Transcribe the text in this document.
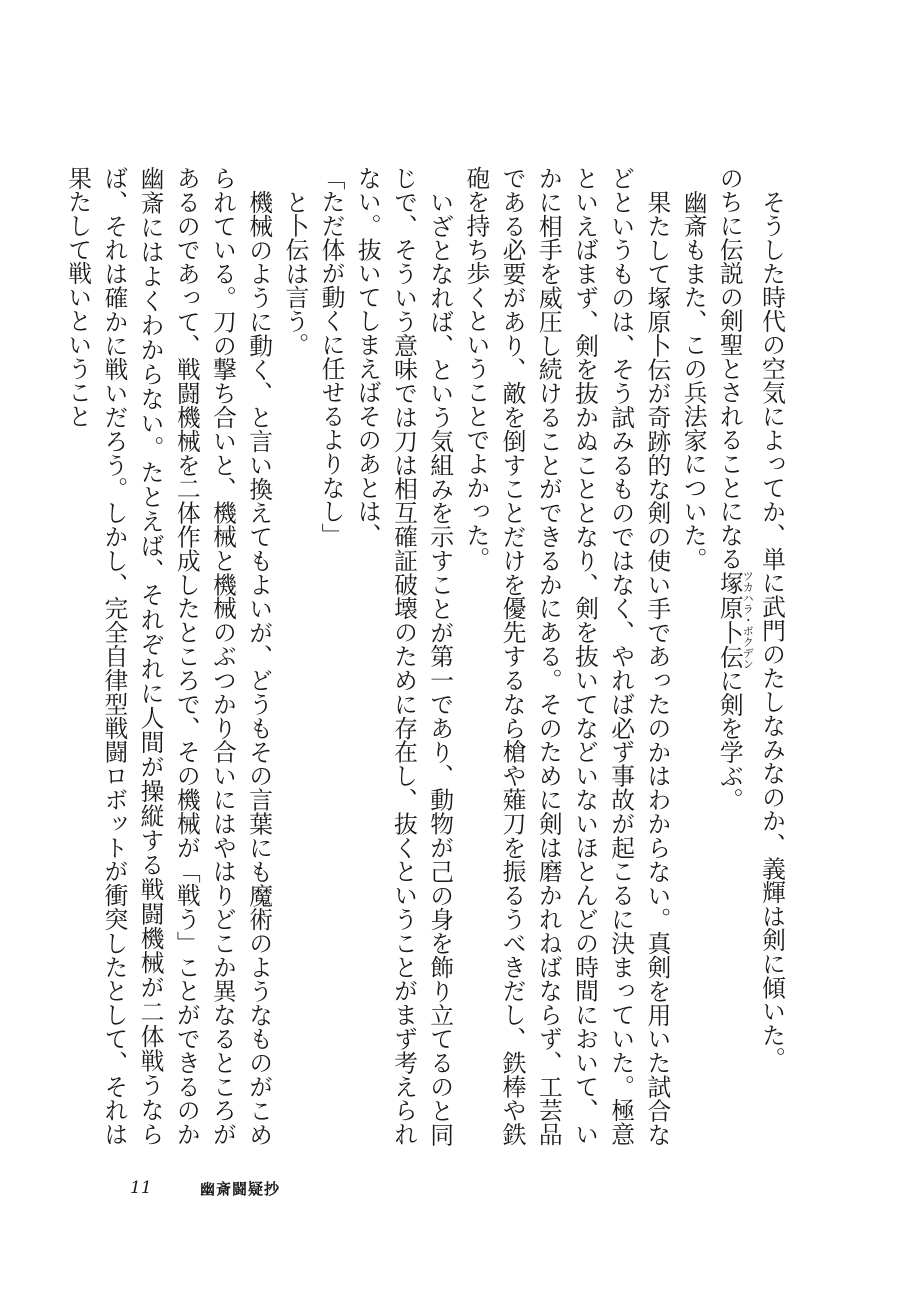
そうした時代の空気によってか、単に武門のたしなみなのか、義輝は剣に傾いた。

のちに伝説の剣聖とされることになる塚原卜伝ツカハラ・ボクデンに剣を学ぶ。

幽斎もまた、この兵法家についた。

果たして塚原卜伝が奇跡的な剣の使い手であったのかはわからない。真剣を用いた試合などというものは、そう試みるものではなく、やれば必ず事故が起こるに決まっていた。極意といえばまず、剣を抜かぬこととなり、剣を抜いてなどいないほとんどの時間において、いかに相手を威圧し続けることができるかにある。そのために剣は磨かれねばならず、工芸品である必要があり、敵を倒すことだけを優先するなら槍や薙刀を振るうべきだし、鉄棒や鉄砲を持ち歩くということでよかった。

いざとなれば、という気組みを示すことが第一であり、動物が己の身を飾り立てるのと同じで、そういう意味では刀は相互確証破壊のために存在し、抜くということがまず考えられない。抜いてしまえばそのあとは、

「ただ体が動くに任せるよりなし」

と卜伝は言う。

機械のように動く、と言い換えてもよいが、どうもその言葉にも魔術のようなものがこめられている。刀の撃ち合いと、機械と機械のぶつかり合いにはやはりどこか異なるところがあるのであって、戦闘機械を二体作成したところで、その機械が「戦う」ことができるのか幽斎にはよくわからない。たとえば、それぞれに人間が操縦する戦闘機械が二体戦うならば、それは確かに戦いだろう。しかし、完全自律型戦闘ロボットが衝突したとして、それは果たして戦いということ

11	幽斎闘疑抄
